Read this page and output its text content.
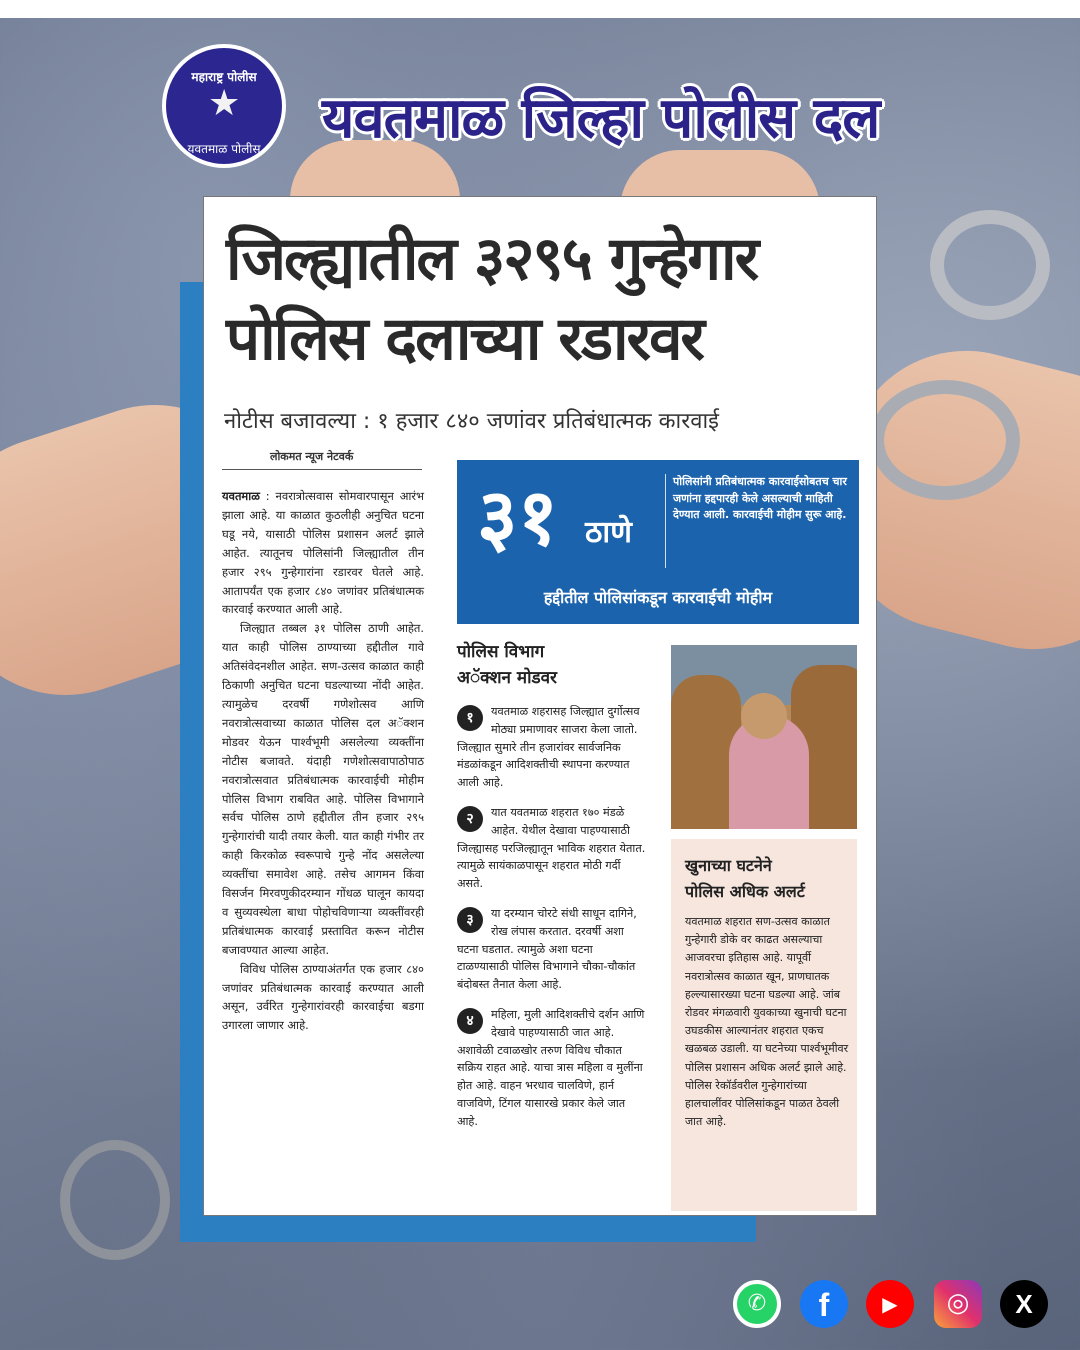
महाराष्ट्र पोलीस
★
यवतमाळ पोलीस	यवतमाळ जिल्हा पोलीस दल
जिल्ह्यातील ३२९५ गुन्हेगार
पोलिस दलाच्या रडारवर
नोटीस बजावल्या : १ हजार ८४० जणांवर प्रतिबंधात्मक कारवाई
लोकमत न्यूज नेटवर्क

यवतमाळ : नवरात्रोत्सवास सोमवारपासून आरंभ झाला आहे. या काळात कुठलीही अनुचित घटना घडू नये, यासाठी पोलिस प्रशासन अलर्ट झाले आहेत. त्यातूनच पोलिसांनी जिल्ह्यातील तीन हजार २९५ गुन्हेगारांना रडारवर घेतले आहे. आतापर्यंत एक हजार ८४० जणांवर प्रतिबंधात्मक कारवाई करण्यात आली आहे.

जिल्ह्यात तब्बल ३१ पोलिस ठाणी आहेत. यात काही पोलिस ठाण्याच्या हद्दीतील गावे अतिसंवेदनशील आहेत. सण-उत्सव काळात काही ठिकाणी अनुचित घटना घडल्याच्या नोंदी आहेत. त्यामुळेच दरवर्षी गणेशोत्सव आणि नवरात्रोत्सवाच्या काळात पोलिस दल अॅक्शन मोडवर येऊन पार्श्वभूमी असलेल्या व्यक्तींना नोटीस बजावते. यंदाही गणेशोत्सवापाठोपाठ नवरात्रोत्सवात प्रतिबंधात्मक कारवाईची मोहीम पोलिस विभाग राबवित आहे. पोलिस विभागाने सर्वच पोलिस ठाणे हद्दीतील तीन हजार २९५ गुन्हेगारांची यादी तयार केली. यात काही गंभीर तर काही किरकोळ स्वरूपाचे गुन्हे नोंद असलेल्या व्यक्तींचा समावेश आहे. तसेच आगमन किंवा विसर्जन मिरवणुकीदरम्यान गोंधळ घालून कायदा व सुव्यवस्थेला बाधा पोहोचविणाऱ्या व्यक्तींवरही प्रतिबंधात्मक कारवाई प्रस्तावित करून नोटीस बजावण्यात आल्या आहेत.

विविध पोलिस ठाण्याअंतर्गत एक हजार ८४० जणांवर प्रतिबंधात्मक कारवाई करण्यात आली असून, उर्वरित गुन्हेगारांवरही कारवाईचा बडगा उगारला जाणार आहे.

३१ ठाणे
पोलिसांनी प्रतिबंधात्मक कारवाईसोबतच चार जणांना हद्दपारही केले असल्याची माहिती देण्यात आली. कारवाईची मोहीम सुरू आहे.
हद्दीतील पोलिसांकडून कारवाईची मोहीम
पोलिस विभाग
अॅक्शन मोडवर
१	यवतमाळ शहरासह जिल्ह्यात दुर्गोत्सव मोठ्या प्रमाणावर साजरा केला जातो. जिल्ह्यात सुमारे तीन हजारांवर सार्वजनिक मंडळांकडून आदिशक्तीची स्थापना करण्यात आली आहे.
२	यात यवतमाळ शहरात १७० मंडळे आहेत. येथील देखावा पाहण्यासाठी जिल्ह्यासह परजिल्ह्यातून भाविक शहरात येतात. त्यामुळे सायंकाळपासून शहरात मोठी गर्दी असते.
३	या दरम्यान चोरटे संधी साधून दागिने, रोख लंपास करतात. दरवर्षी अशा घटना घडतात. त्यामुळे अशा घटना टाळण्यासाठी पोलिस विभागाने चौका-चौकांत बंदोबस्त तैनात केला आहे.
४	महिला, मुली आदिशक्तीचे दर्शन आणि देखावे पाहण्यासाठी जात आहे. अशावेळी टवाळखोर तरुण विविध चौकात सक्रिय राहत आहे. याचा त्रास महिला व मुलींना होत आहे. वाहन भरधाव चालविणे, हार्न वाजविणे, टिंगल यासारखे प्रकार केले जात आहे.
खुनाच्या घटनेने
पोलिस अधिक अलर्ट
यवतमाळ शहरात सण-उत्सव काळात गुन्हेगारी डोके वर काढत असल्याचा आजवरचा इतिहास आहे. यापूर्वी नवरात्रोत्सव काळात खून, प्राणघातक हल्ल्यासारख्या घटना घडल्या आहे. जांब रोडवर मंगळवारी युवकाच्या खुनाची घटना उघडकीस आल्यानंतर शहरात एकच खळबळ उडाली. या घटनेच्या पार्श्वभूमीवर पोलिस प्रशासन अधिक अलर्ट झाले आहे. पोलिस रेकॉर्डवरील गुन्हेगारांच्या हालचालींवर पोलिसांकडून पाळत ठेवली जात आहे.
✆	f	▶	◎	X
